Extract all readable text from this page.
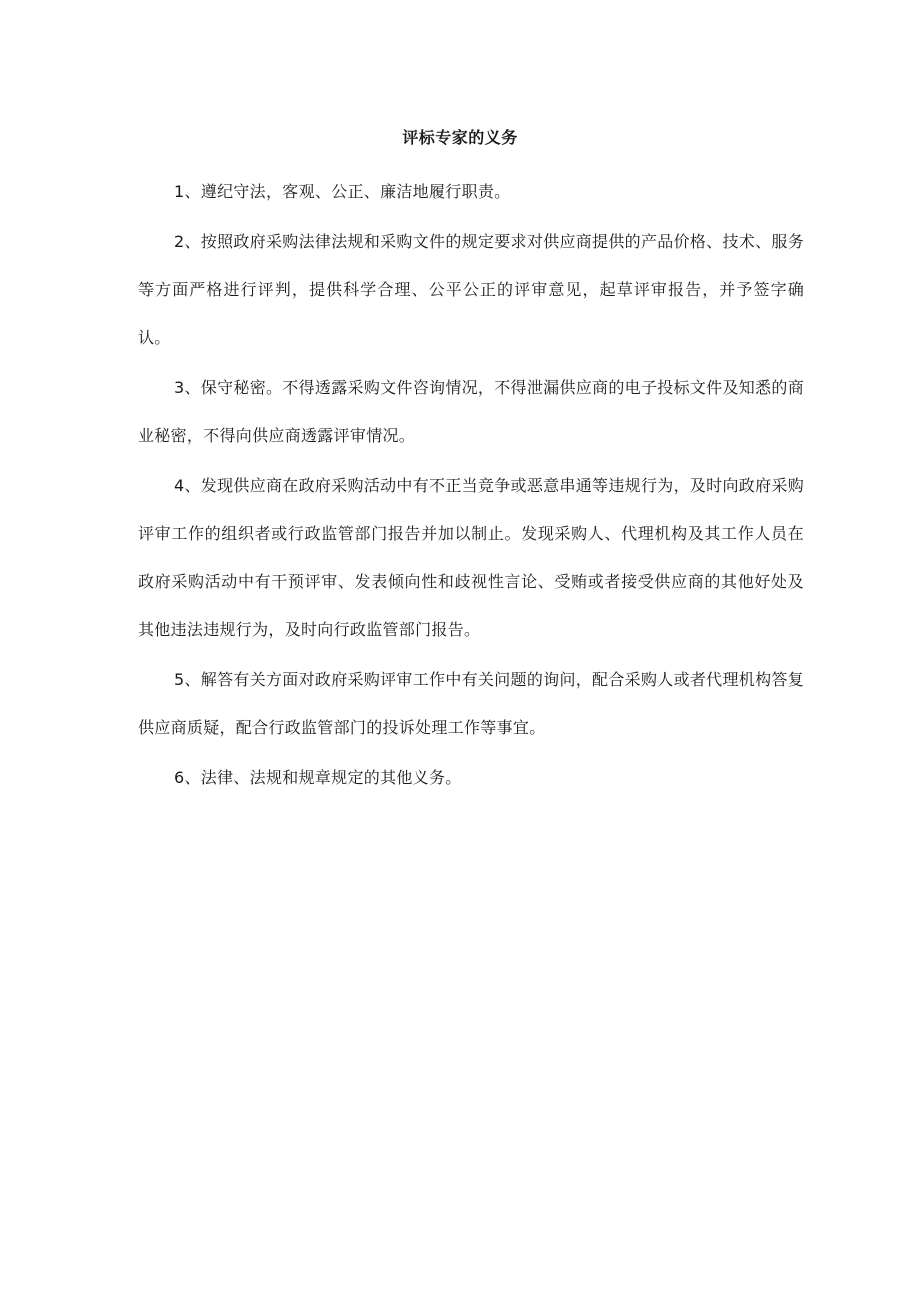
评标专家的义务

1、遵纪守法，客观、公正、廉洁地履行职责。

2、按照政府采购法律法规和采购文件的规定要求对供应商提供的产品价格、技术、服务等方面严格进行评判，提供科学合理、公平公正的评审意见，起草评审报告，并予签字确认。

3、保守秘密。不得透露采购文件咨询情况，不得泄漏供应商的电子投标文件及知悉的商业秘密，不得向供应商透露评审情况。

4、发现供应商在政府采购活动中有不正当竞争或恶意串通等违规行为，及时向政府采购评审工作的组织者或行政监管部门报告并加以制止。发现采购人、代理机构及其工作人员在政府采购活动中有干预评审、发表倾向性和歧视性言论、受贿或者接受供应商的其他好处及其他违法违规行为，及时向行政监管部门报告。

5、解答有关方面对政府采购评审工作中有关问题的询问，配合采购人或者代理机构答复供应商质疑，配合行政监管部门的投诉处理工作等事宜。

6、法律、法规和规章规定的其他义务。
